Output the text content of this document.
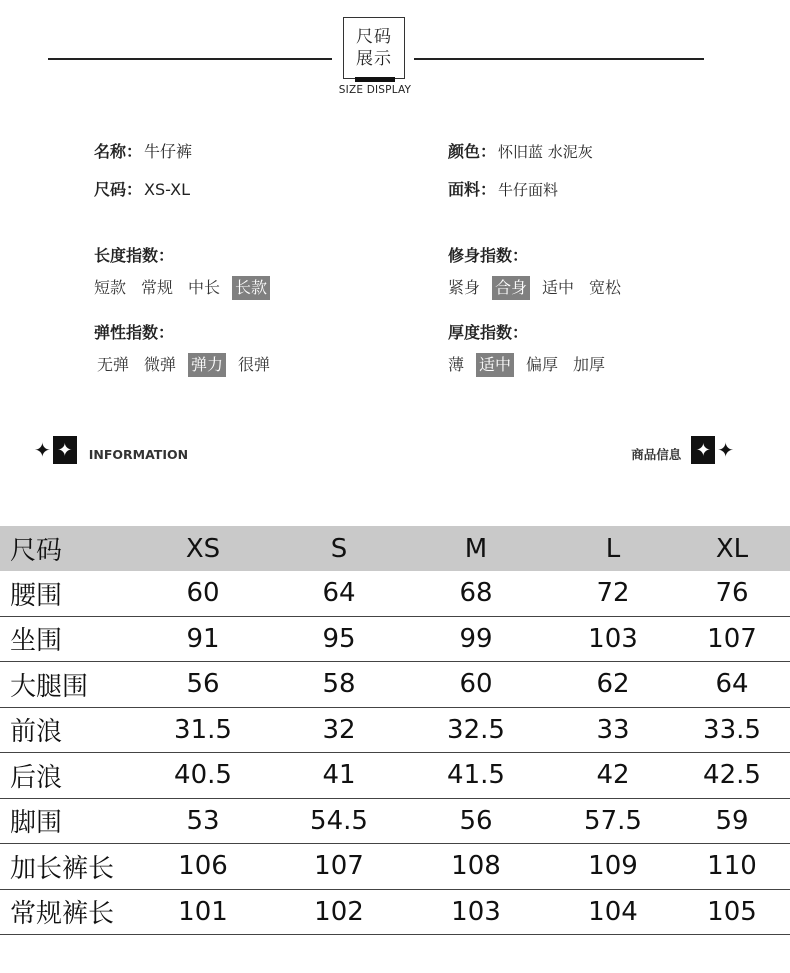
尺码
展示
SIZE DISPLAY
名称： 牛仔裤	颜色： 怀旧蓝 水泥灰
尺码： XS-XL	面料： 牛仔面料
长度指数：
短款 常规 中长 长款
修身指数：
紧身 合身 适中 宽松
弹性指数：
无弹 微弹 弹力 很弹
厚度指数：
薄 适中 偏厚 加厚
✦ ✦	INFORMATION	商品信息 ✦ ✦
尺码	XS	S	M	L	XL
腰围	60	64	68	72	76
坐围	91	95	99	103	107
大腿围	56	58	60	62	64
前浪	31.5	32	32.5	33	33.5
后浪	40.5	41	41.5	42	42.5
脚围	53	54.5	56	57.5	59
加长裤长	106	107	108	109	110
常规裤长	101	102	103	104	105
